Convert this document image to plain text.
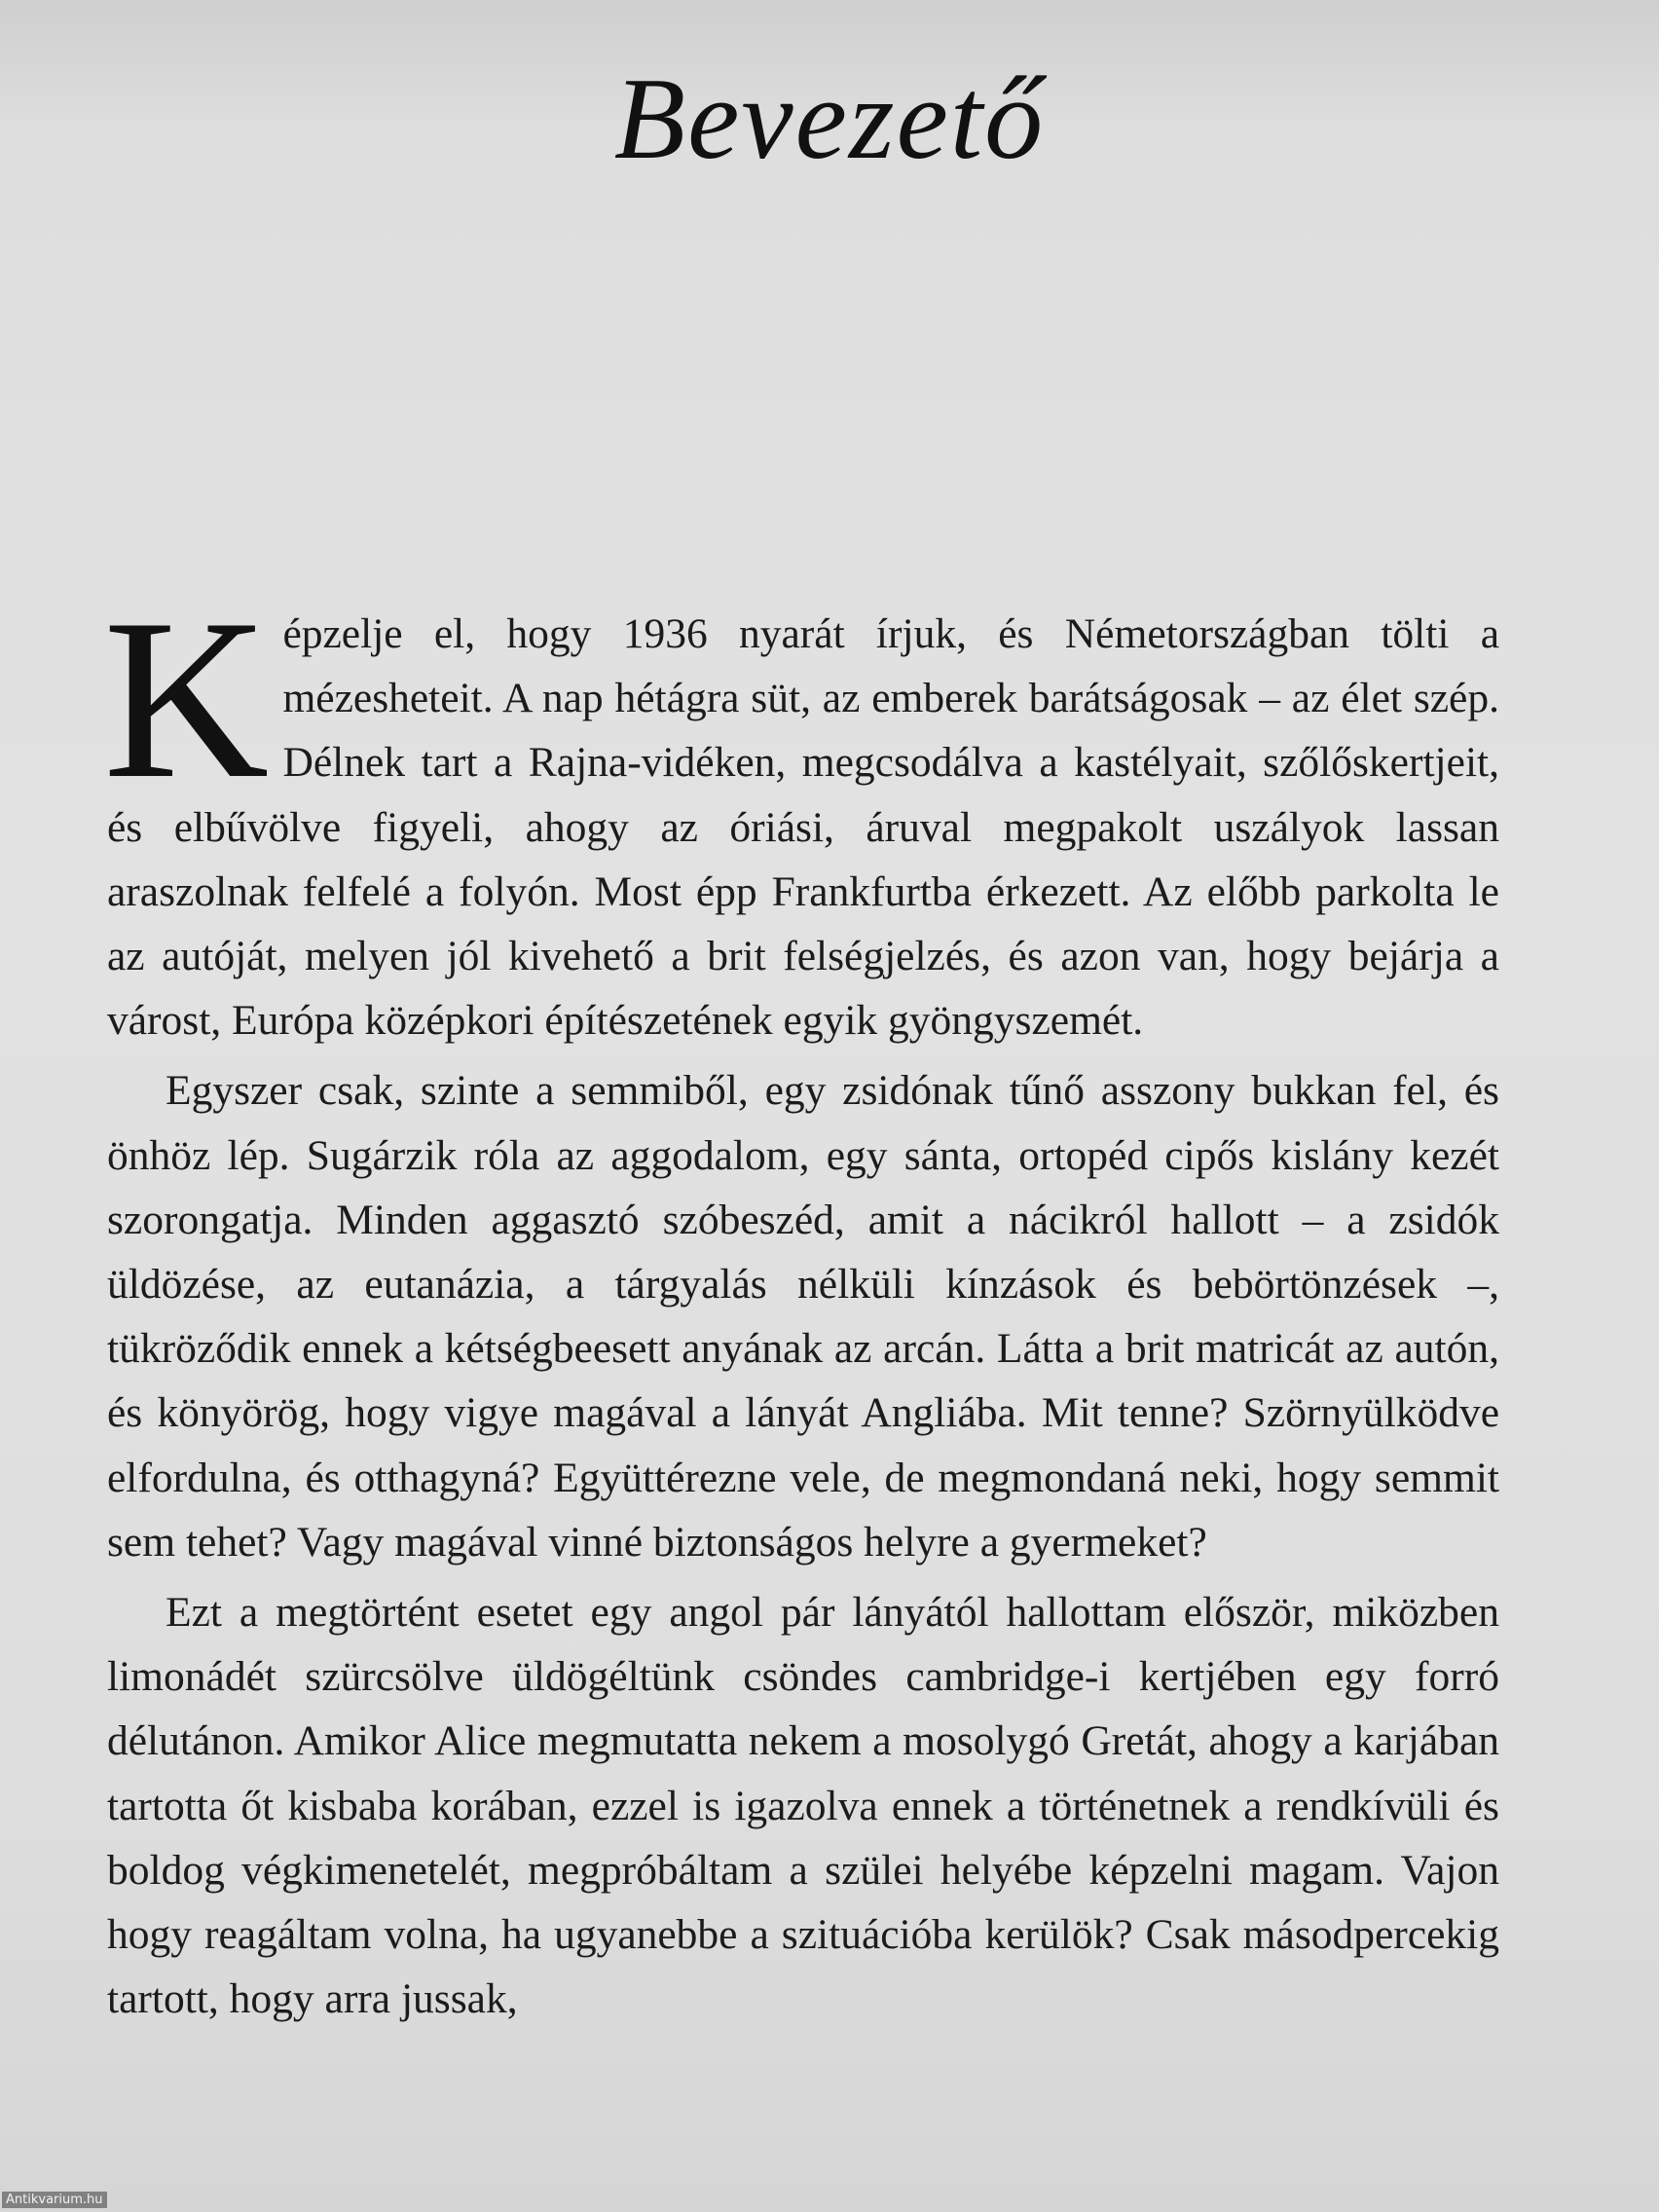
Bevezető

Képzelje el, hogy 1936 nyarát írjuk, és Németországban tölti a mézesheteit. A nap hétágra süt, az emberek barátságosak – az élet szép. Délnek tart a Rajna-vidéken, megcsodálva a kastélyait, szőlőskertjeit, és elbűvölve figyeli, ahogy az óriási, áruval megpakolt uszályok lassan araszolnak felfelé a folyón. Most épp Frankfurtba érkezett. Az előbb parkolta le az autóját, melyen jól kivehető a brit felségjelzés, és azon van, hogy bejárja a várost, Európa középkori építészetének egyik gyöngyszemét.

Egyszer csak, szinte a semmiből, egy zsidónak tűnő asszony bukkan fel, és önhöz lép. Sugárzik róla az aggodalom, egy sánta, ortopéd cipős kislány kezét szorongatja. Minden aggasztó szóbeszéd, amit a nácikról hallott – a zsidók üldözése, az eutanázia, a tárgyalás nélküli kínzások és bebörtönzések –, tükröződik ennek a kétségbeesett anyának az arcán. Látta a brit matricát az autón, és könyörög, hogy vigye magával a lányát Angliába. Mit tenne? Szörnyülködve elfordulna, és otthagyná? Együttérezne vele, de megmondaná neki, hogy semmit sem tehet? Vagy magával vinné biztonságos helyre a gyermeket?

Ezt a megtörtént esetet egy angol pár lányától hallottam először, miközben limonádét szürcsölve üldögéltünk csöndes cambridge-i kertjében egy forró délutánon. Amikor Alice megmutatta nekem a mosolygó Gretát, ahogy a karjában tartotta őt kisbaba korában, ezzel is igazolva ennek a történetnek a rendkívüli és boldog végkimenetelét, megpróbáltam a szülei helyébe képzelni magam. Vajon hogy reagáltam volna, ha ugyanebbe a szituációba kerülök? Csak másodpercekig tartott, hogy arra jussak,

Antikvarium.hu
